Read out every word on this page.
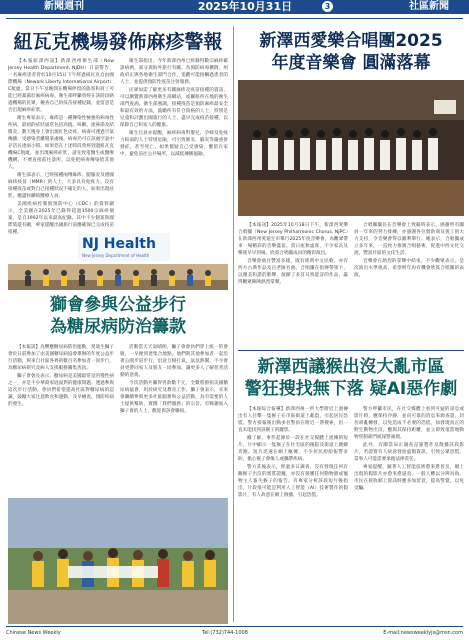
新聞週刊	2025年10月31日	3	社區新聞
紐瓦克機場發佈麻疹警報

【本報紐澤西訊】新澤西州衛生部（New Jersey Health Department, NJDH）日前警告，一名麻疹患者曾於10月15日下午經過紐瓦克自由國際機場（Newark Liberty International Airport）C航廈，當日下午及晚間在機場停留的旅客和員工可能已經暴露於麻疹病毒。衛生部呼籲曾經在該時段路過機場的民眾，檢查自己的疫苗接種紀錄，並留意是否出現麻疹症狀。

衛生專家表示，麻疹是一種傳染性極強的病毒性疾病，最初的症狀通常包括高燒、咳嗽、流鼻涕及結膜炎，數天後身上會出現紅色皮疹。病毒可透過空氣傳播，受感染者離開某處後，病毒仍可在該處空氣中存活長達兩小時。如果您在上述時段曾經到過紐瓦克機場C航廈，並出現麻疹症狀，請先致電醫生或醫療機構，不要直接前往診所，以免把病毒傳染給其他人。

衛生部表示，已經接種兩劑麻疹、腮腺炎及德國麻疹疫苗（MMR）的人士，大多具有免疫力。沒有接種疫苗或對自己接種狀況不確定的人，如果出現症狀，應盡快聯絡醫療人員。

美國疾病控制與預防中心（CDC）的資料顯示，全美國在2025年已錄得超過1500宗麻疹個案，是自1992年以來最高紀錄。其中不少個案與國際旅遊有關，專家提醒出國旅行前應確保已完成疫苗接種。

衛生部指出，今年新澤西州已經錄得數宗麻疹確診病例，部分與海外旅行有關。為預防病毒擴散，州政府正與各地衛生部門合作，追蹤可能接觸過患者的人士，並提供預防性疫苗注射服務。

民眾如需了解更多有關麻疹及疫苗接種的資訊，可以瀏覽新澤西州衛生部網站，或聯絡所在地的衛生部門查詢。衛生部強調，接種疫苗是預防麻疹最安全和最有效的方法，鼓勵所有符合資格的人士，特別是兒童和計劃出國旅行的人士，盡早完成疫苗接種，以保障自己和家人的健康。

衛生官員亦提醒，麻疹病毒對嬰兒、孕婦及免疫力較弱的人士特別危險，可引致肺炎、腦炎等嚴重併發症，甚至死亡。如果懷疑自己受感染，應留在家中，避免前往公共場所，以減低傳播風險。

NJ Health
New Jersey Department of Health
獅會參與公益步行
為糖尿病防治籌款

【本報訊】為響應糖尿病防治運動，愛迪生獅子會於日前參加了由美國糖尿病協會舉辦的年度公益步行活動，與來自社區各界的數百名參加者一同步行，為糖尿病研究及病人支援服務籌集善款。

獅子會會長表示，糖尿病是美國最常見的慢性病之一，亦是不少華裔家庭面對的健康問題。透過參與這次步行活動，會員們希望提高社區對糖尿病的認識，鼓勵大家注意飲食和運動，及早檢查，預防疾病的發生。

活動當天天氣晴朗，獅子會會員們穿上統一的會服，一早便到達集合地點。他們與其他參加者一起沿著公園步道步行，沿途互相打氣，氣氛熱鬧。不少會員更帶同家人及朋友一同參加，讓更多人了解慈善活動的意義。

今次活動共籌得善款數千元，全數將撥捐美國糖尿病協會，用於研究及教育工作。獅子會表示，未來會繼續參與更多社區服務和公益活動，為有需要的人士提供幫助，實踐「我們服務」的宗旨。有興趣加入獅子會的人士，歡迎與該會聯絡。

新澤西愛樂合唱團2025
年度音樂會 圓滿落幕

【本報訊】2025年10月18日下午，新澤西愛樂合唱團（New Jersey Philharmonic Chorus, NJPC）在新澤西州愛迪生市舉行2025年度音樂會，為觀眾帶來一場精彩的音樂盛宴。當日座無虛席，不少家長及樂迷早早到場，欣賞合唱團成員的精彩演出。

音樂會曲目豐富多樣，既有經典中文民歌，亦有西方古典作品及百老匯名曲。合唱團在指揮帶領下，以優美和諧的歌聲，演繹了多首耳熟能詳的作品，贏得觀眾陣陣熱烈掌聲。

合唱團團長在音樂會上致辭時表示，感謝所有團員一年來的努力排練，亦感謝各位贊助商及義工的大力支持，令音樂會得以順利舉行。她表示，合唱團成立多年來，一直致力推廣合唱藝術，促進中西文化交流，豐富社區的文化生活。

音樂會在熱烈的掌聲中結束，不少觀眾表示，是次演出水準很高，希望明年再有機會欣賞合唱團的表演。

新澤西議猴出沒大亂市區
警狂搜找無下落 疑AI惡作劇

【本報綜合報導】新澤西州一所大學附近上週傳出有人目擊一隻猴子在市區街道上亂竄，引起居民恐慌。警方接報後出動多名警員在附近一帶搜索，但一直未能找到該猴子的蹤影。

據了解，事件起源於一段在社交媒體上流傳的短片，片中顯示一隻猴子在住宅區的後院及街道上跳躍奔跑。短片迅速在網上瘋傳，不少居民紛紛報警求助，擔心猴子會傷人或攜帶疾病。

警方其後表示，經過多日調查，沒有發現任何有關猴子出沒的實質證據，亦沒有接獲任何動物園或寵物主人報失猴子的報告。有專家分析該段短片後指出，片段很可能是利用人工智能（AI）技術製作的假影片，有人故意在網上散播，引起恐慌。

警方呼籲市民，在社交媒體上看到可疑的訊息或影片時，應保持冷靜，並向可靠的消息來源查證，切勿胡亂轉發，以免造成不必要的恐慌。如發現真正的野生動物出沒，應與其保持距離，並立即致電當地動物管制部門或報警處理。

此外，有關當局正調查是誰製作及散播該段影片，若證實有人故意發放虛假資訊，引致公眾恐慌，當事人可能需要承擔法律責任。

專家提醒，隨著人工智能技術愈來愈普及，網上出現的假影片亦愈來愈逼真，一般人難以分辨真偽。市民在接收網上資訊時應多加留意，提高警覺，以免受騙。

Chinese News Weekly	Tel:(732)744-1008	E-mail:newsweeklyjs@msn.com
